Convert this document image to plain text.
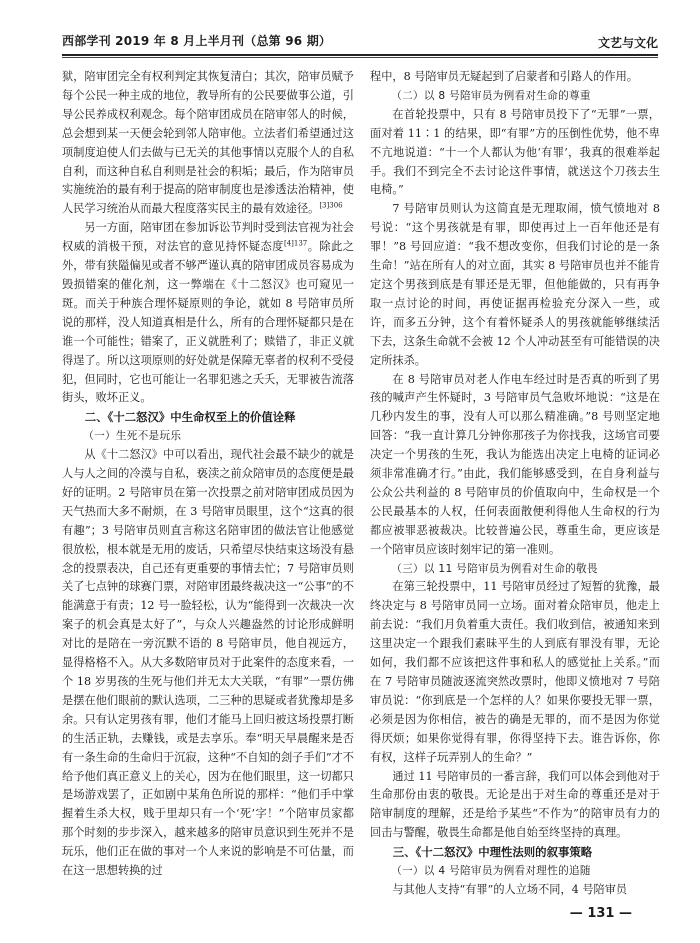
西部学刊 2019 年 8 月上半月刊（总第 96 期）	文艺与文化

狱，陪审团完全有权利判定其恢复清白；其次，陪审员赋予每个公民一种主成的地位，教导所有的公民要做事公道，引导公民养成权利观念。每个陪审团成员在陪审邻人的时候，总会想到某一天便会轮到邻人陪审他。立法者们希望通过这项制度迫使人们去做与已无关的其他事情以克服个人的自私自利，而这种自私自利则是社会的积垢；最后，作为陪审员实施统治的最有利于提高的陪审制度也是渗透法治精神，使人民学习统治从而最大程度落实民主的最有效途径。$^{[3]306}$

另一方面，陪审团在参加诉讼节判时受到法官视为社会权威的消极干预，对法官的意见持怀疑态度$^{[4]137}$。除此之外，带有狭隘偏见或者不够严谨认真的陪审团成员容易成为毁损错案的催化剂，这一弊端在《十二怒汉》也可窥见一斑。而关于种族合理怀疑原则的争论，就如 8 号陪审员所说的那样，没人知道真相是什么，所有的合理怀疑都只是在谁一个可能性；错案了，正义就胜利了；赎错了，非正义就得逞了。所以这项原则的好处就是保障无辜者的权利不受侵犯，但同时，它也可能让一名罪犯逃之夭夭，无罪被告流落街头，败坏正义。

二、《十二怒汉》中生命权至上的价值诠释
（一）生死不是玩乐

从《十二怒汉》中可以看出，现代社会最不缺少的就是人与人之间的冷漠与自私，亵渎之前众陪审员的态度便是最好的证明。2 号陪审员在第一次投票之前对陪审团成员因为天气热而大多不耐烦，在 3 号陪审员眼里，这个“这真的很有趣”；3 号陪审员则直言称这名陪审团的做法官让他感觉很放松，根本就是无用的废话，只希望尽快结束这场没有悬念的投票表决，自己还有更重要的事情去忙；7 号陪审员则关了七点钟的球赛门票，对陪审团最终裁决这一“公事”的不能满意于有责；12 号一脸轻松，认为“能得到一次裁决一次案子的机会真是太好了”，与众人兴趣盎然的讨论形成鲜明对比的是陪在一旁沉默不语的 8 号陪审员，他自视远方，显得格格不入。从大多数陪审员对于此案件的态度来看，一个 18 岁男孩的生死与他们并无太大关联，“有罪”一票仿佛是摆在他们眼前的默认选项，二三种的思疑或者犹豫却是多余。只有认定男孩有罪，他们才能马上回归被这场投票打断的生活正轨，去赚钱，或是去享乐。奉“明天早晨醒来是否有一条生命的生命归于沉寂，这种“不自知的刽子手们”才不给予他们真正意义上的关心，因为在他们眼里，这一切都只是场游戏罢了，正如剧中某角色所说的那样：“他们手中掌握着生杀大权，贱于里却只有一个‘死’字！”个陪审员家都那个时刻的步步深入，越来越多的陪审员意识到生死并不是玩乐，他们正在做的事对一个人来说的影响是不可估量，而在这一思想转换的过

程中，8 号陪审员无疑起到了启蒙者和引路人的作用。

（二）以 8 号陪审员为例看对生命的尊重

在首轮投票中，只有 8 号陪审员投下了“无罪”一票，面对着 11∶1 的结果，即“有罪”方的压倒性优势，他不卑不亢地说道：“十一个人都认为他‘有罪’，我真的很难举起手。我们不到完全不去讨论这件事情，就送这个刀孩去生电椅。”

7 号陪审员则认为这简直是无理取闹，愤气愤地对 8 号说：“这个男孩就是有罪，即使再过上一百年他还是有罪！”8 号回应道：“我不想改变你，但我们讨论的是一条生命！”站在所有人的对立面，其实 8 号陪审员也并不能肯定这个男孩到底是有罪还是无罪，但他能做的，只有再争取一点讨论的时间，再使证据再检验充分深入一些，或许，而多五分钟，这个有着怀疑杀人的男孩就能够继续活下去，这条生命就不会被 12 个人冲动甚至有可能错误的决定所抹杀。

在 8 号陪审员对老人作电车经过时是否真的听到了男孩的喊声产生怀疑时，3 号陪审员气急败坏地说：“这是在几秒内发生的事，没有人可以那么精准确。”8 号则坚定地回答：“我一直计算几分钟你那孩子为你找我，这场官司要决定一个男孩的生死，我认为能选出决定上电椅的证词必须非常准确才行。”由此，我们能够感受到，在自身利益与公众公共利益的 8 号陪审员的价值取向中，生命权是一个公民最基本的人权，任何表面散便利得他人生命权的行为都应被罪恶被裁决。比较普遍公民，尊重生命，更应该是一个陪审员应该时刻牢记的第一准则。

（三）以 11 号陪审员为例看对生命的敬畏

在第三轮投票中，11 号陪审员经过了短暂的犹豫，最终决定与 8 号陪审员同一立场。面对着众陪审员，他走上前去说：“我们月负着重大责任。我们收到信，被通知来到这里决定一个跟我们素昧平生的人到底有罪没有罪，无论如何，我们都不应该把这件事和私人的感觉扯上关系。”而在 7 号陪审员随波逐流突然改票时，他即义愤地对 7 号陪审员说：“你到底是一个怎样的人？如果你要投无罪一票，必须是因为你相信，被告的确是无罪的，而不是因为你觉得厌烦；如果你觉得有罪，你得坚持下去。谁告诉你，你有权，这样子玩弄别人的生命？”

通过 11 号陪审员的一番言辞，我们可以体会到他对于生命那份由衷的敬畏。无论是出于对生命的尊重还是对于陪审制度的理解，还是给予某些“不作为”的陪审员有力的回击与警醒，敬畏生命都是他自始至终坚持的真理。

三、《十二怒汉》中理性法则的叙事策略
（一）以 4 号陪审员为例看对理性的追随

与其他人支持“有罪”的人立场不同，4 号陪审员

— 131 —
